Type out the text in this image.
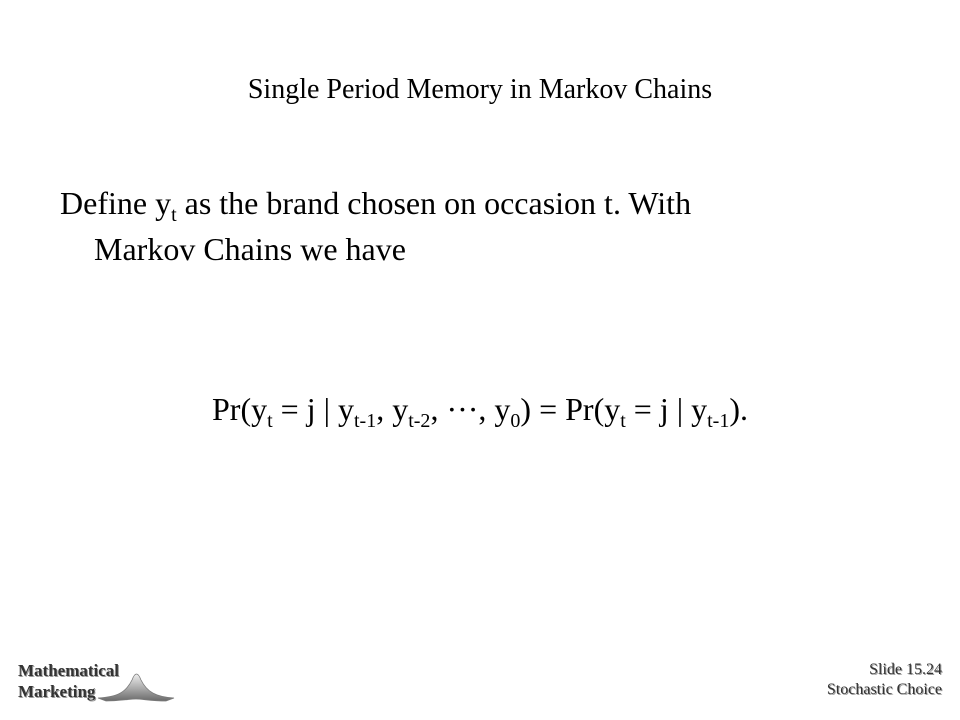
Single Period Memory in Markov Chains
Define $y_t$ as the brand chosen on occasion t. With
Markov Chains we have
$Pr(y_t = j$ | $y_{t-1}$, $y_{t-2}$, ···, $y_0) = Pr(y_t = j$ | $y_{t-1}$).
Mathematical
Marketing
Slide 15.24
Stochastic Choice
